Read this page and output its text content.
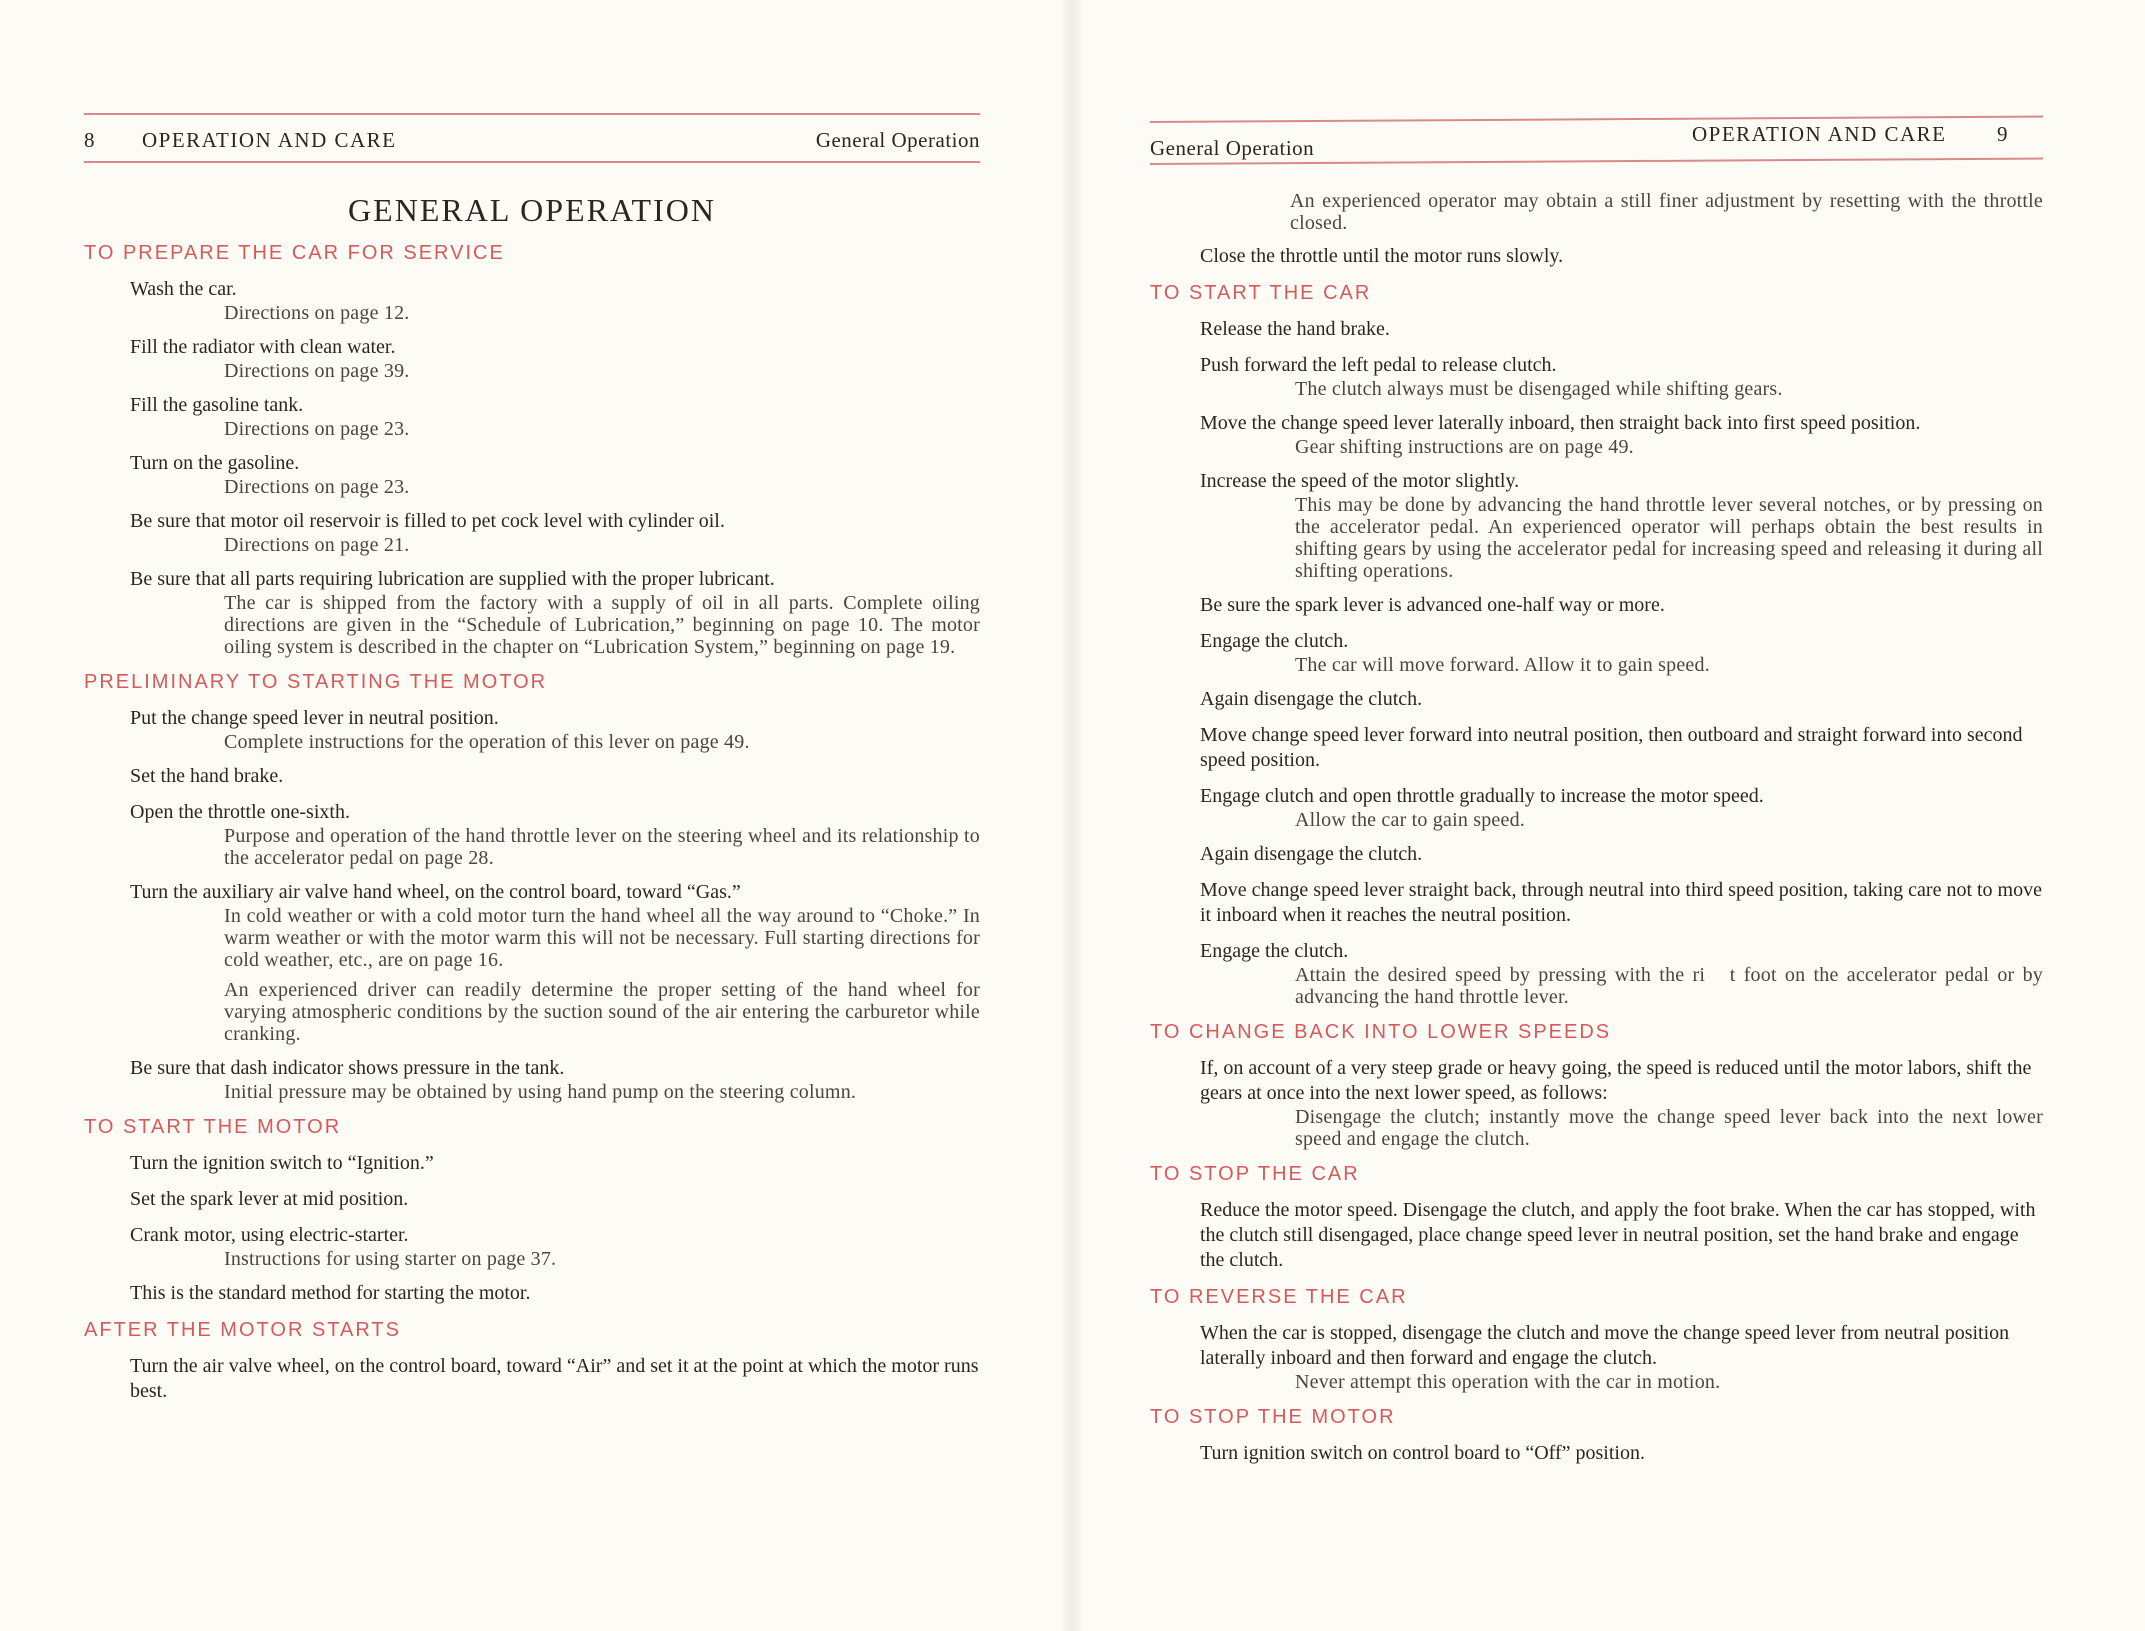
8 OPERATION AND CARE	General Operation
GENERAL OPERATION
TO PREPARE THE CAR FOR SERVICE
Wash the car.
Directions on page 12.
Fill the radiator with clean water.
Directions on page 39.
Fill the gasoline tank.
Directions on page 23.
Turn on the gasoline.
Directions on page 23.
Be sure that motor oil reservoir is filled to pet cock level with cylinder oil.
Directions on page 21.
Be sure that all parts requiring lubrication are supplied with the proper lubricant.
The car is shipped from the factory with a supply of oil in all parts. Complete oiling directions are given in the “Schedule of Lubrication,” beginning on page 10. The motor oiling system is described in the chapter on “Lubrication System,” beginning on page 19.
PRELIMINARY TO STARTING THE MOTOR
Put the change speed lever in neutral position.
Complete instructions for the operation of this lever on page 49.
Set the hand brake.
Open the throttle one-sixth.
Purpose and operation of the hand throttle lever on the steering wheel and its relationship to the accelerator pedal on page 28.
Turn the auxiliary air valve hand wheel, on the control board, toward “Gas.”
In cold weather or with a cold motor turn the hand wheel all the way around to “Choke.” In warm weather or with the motor warm this will not be necessary. Full starting directions for cold weather, etc., are on page 16.
An experienced driver can readily determine the proper setting of the hand wheel for varying atmospheric conditions by the suction sound of the air entering the carburetor while cranking.
Be sure that dash indicator shows pressure in the tank.
Initial pressure may be obtained by using hand pump on the steering column.
TO START THE MOTOR
Turn the ignition switch to “Ignition.”
Set the spark lever at mid position.
Crank motor, using electric-starter.
Instructions for using starter on page 37.
This is the standard method for starting the motor.
AFTER THE MOTOR STARTS
Turn the air valve wheel, on the control board, toward “Air” and set it at the point at which the motor runs best.
General Operation
OPERATION AND CARE 9
An experienced operator may obtain a still finer adjustment by resetting with the throttle closed.
Close the throttle until the motor runs slowly.
TO START THE CAR
Release the hand brake.
Push forward the left pedal to release clutch.
The clutch always must be disengaged while shifting gears.
Move the change speed lever laterally inboard, then straight back into first speed position.
Gear shifting instructions are on page 49.
Increase the speed of the motor slightly.
This may be done by advancing the hand throttle lever several notches, or by pressing on the accelerator pedal. An experienced operator will perhaps obtain the best results in shifting gears by using the accelerator pedal for increasing speed and releasing it during all shifting operations.
Be sure the spark lever is advanced one-half way or more.
Engage the clutch.
The car will move forward. Allow it to gain speed.
Again disengage the clutch.
Move change speed lever forward into neutral position, then outboard and straight forward into second speed position.
Engage clutch and open throttle gradually to increase the motor speed.
Allow the car to gain speed.
Again disengage the clutch.
Move change speed lever straight back, through neutral into third speed position, taking care not to move it inboard when it reaches the neutral position.
Engage the clutch.
Attain the desired speed by pressing with the ri   t foot on the accelerator pedal or by advancing the hand throttle lever.
TO CHANGE BACK INTO LOWER SPEEDS
If, on account of a very steep grade or heavy going, the speed is reduced until the motor labors, shift the gears at once into the next lower speed, as follows:
Disengage the clutch; instantly move the change speed lever back into the next lower speed and engage the clutch.
TO STOP THE CAR
Reduce the motor speed. Disengage the clutch, and apply the foot brake. When the car has stopped, with the clutch still disengaged, place change speed lever in neutral position, set the hand brake and engage the clutch.
TO REVERSE THE CAR
When the car is stopped, disengage the clutch and move the change speed lever from neutral position laterally inboard and then forward and engage the clutch.
Never attempt this operation with the car in motion.
TO STOP THE MOTOR
Turn ignition switch on control board to “Off” position.
